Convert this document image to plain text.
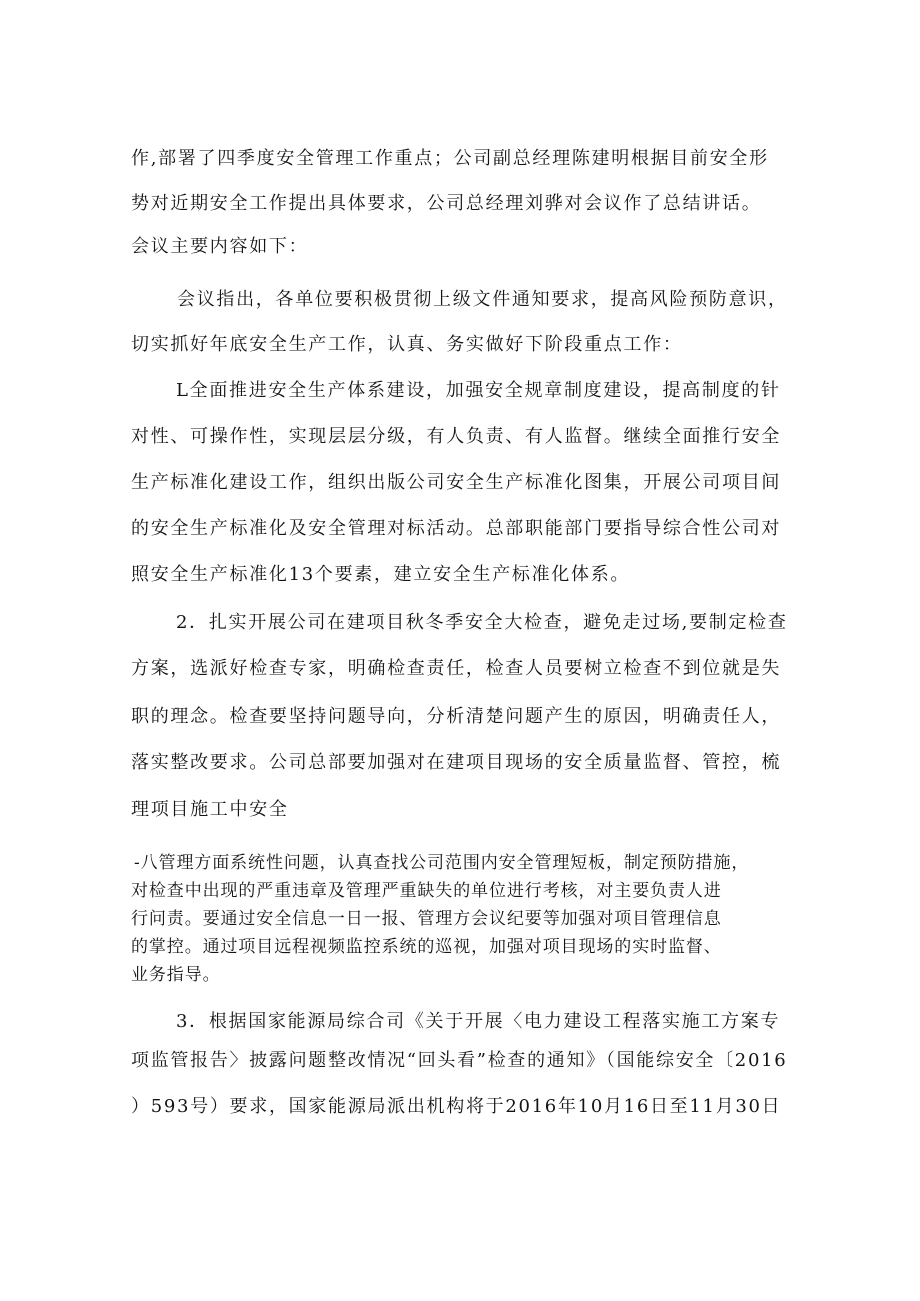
作,部署了四季度安全管理工作重点；公司副总经理陈建明根据目前安全形
势对近期安全工作提出具体要求，公司总经理刘骅对会议作了总结讲话。
会议主要内容如下：
会议指出，各单位要积极贯彻上级文件通知要求，提高风险预防意识，
切实抓好年底安全生产工作，认真、务实做好下阶段重点工作：
L全面推进安全生产体系建设，加强安全规章制度建设，提高制度的针
对性、可操作性，实现层层分级，有人负责、有人监督。继续全面推行安全
生产标准化建设工作，组织出版公司安全生产标准化图集，开展公司项目间
的安全生产标准化及安全管理对标活动。总部职能部门要指导综合性公司对
照安全生产标准化13个要素，建立安全生产标准化体系。
2．扎实开展公司在建项目秋冬季安全大检查，避免走过场,要制定检查
方案，选派好检查专家，明确检查责任，检查人员要树立检查不到位就是失
职的理念。检查要坚持问题导向，分析清楚问题产生的原因，明确责任人，
落实整改要求。公司总部要加强对在建项目现场的安全质量监督、管控，梳
理项目施工中安全
-八管理方面系统性问题，认真查找公司范围内安全管理短板，制定预防措施，
对检查中出现的严重违章及管理严重缺失的单位进行考核，对主要负责人进
行问责。要通过安全信息一日一报、管理方会议纪要等加强对项目管理信息
的掌控。通过项目远程视频监控系统的巡视，加强对项目现场的实时监督、
业务指导。
3．根据国家能源局综合司《关于开展〈电力建设工程落实施工方案专
项监管报告〉披露问题整改情况“回头看”检查的通知》（国能综安全〔2016
）593号）要求，国家能源局派出机构将于2016年10月16日至11月30日
